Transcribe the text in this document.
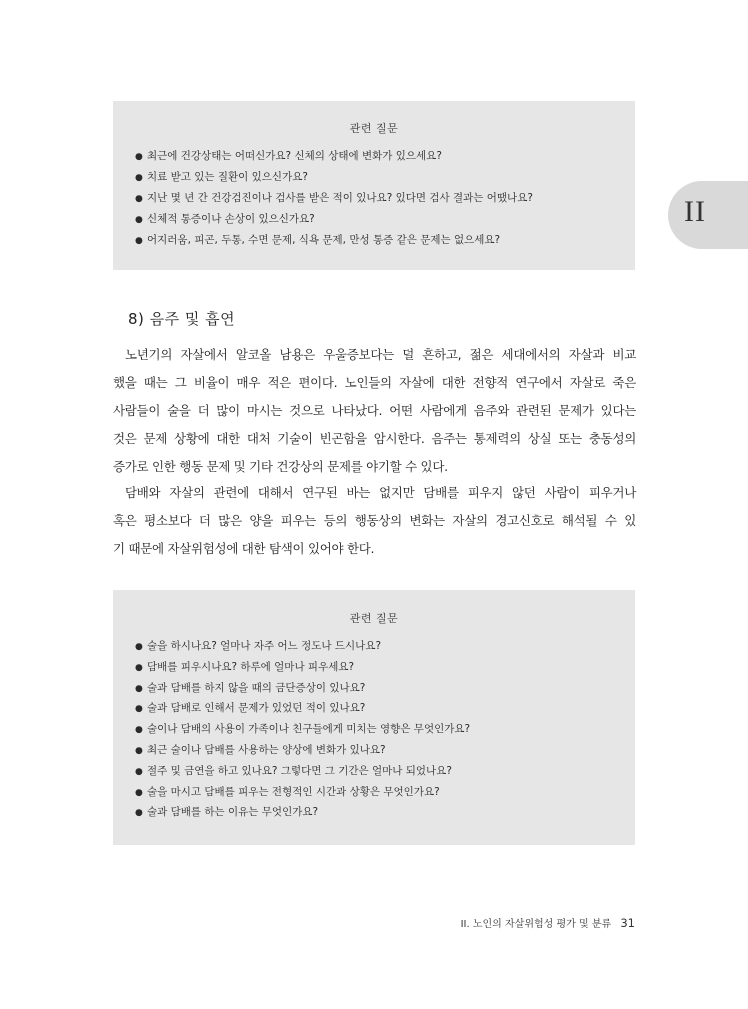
II
관련 질문
● 최근에 건강상태는 어떠신가요? 신체의 상태에 변화가 있으세요?
● 치료 받고 있는 질환이 있으신가요?
● 지난 몇 년 간 건강검진이나 검사를 받은 적이 있나요? 있다면 검사 결과는 어땠나요?
● 신체적 통증이나 손상이 있으신가요?
● 어지러움, 피곤, 두통, 수면 문제, 식욕 문제, 만성 통증 같은 문제는 없으세요?
8) 음주 및 흡연
노년기의 자살에서 알코올 남용은 우울증보다는 덜 흔하고, 젊은 세대에서의 자살과 비교
했을 때는 그 비율이 매우 적은 편이다. 노인들의 자살에 대한 전향적 연구에서 자살로 죽은
사람들이 술을 더 많이 마시는 것으로 나타났다. 어떤 사람에게 음주와 관련된 문제가 있다는
것은 문제 상황에 대한 대처 기술이 빈곤함을 암시한다. 음주는 통제력의 상실 또는 충동성의
증가로 인한 행동 문제 및 기타 건강상의 문제를 야기할 수 있다.
담배와 자살의 관련에 대해서 연구된 바는 없지만 담배를 피우지 않던 사람이 피우거나
혹은 평소보다 더 많은 양을 피우는 등의 행동상의 변화는 자살의 경고신호로 해석될 수 있
기 때문에 자살위험성에 대한 탐색이 있어야 한다.
관련 질문
● 술을 하시나요? 얼마나 자주 어느 정도나 드시나요?
● 담배를 피우시나요? 하루에 얼마나 피우세요?
● 술과 담배를 하지 않을 때의 금단증상이 있나요?
● 술과 담배로 인해서 문제가 있었던 적이 있나요?
● 술이나 담배의 사용이 가족이나 친구들에게 미치는 영향은 무엇인가요?
● 최근 술이나 담배를 사용하는 양상에 변화가 있나요?
● 절주 및 금연을 하고 있나요? 그렇다면 그 기간은 얼마나 되었나요?
● 술을 마시고 담배를 피우는 전형적인 시간과 상황은 무엇인가요?
● 술과 담배를 하는 이유는 무엇인가요?
II. 노인의 자살위험성 평가 및 분류 31
